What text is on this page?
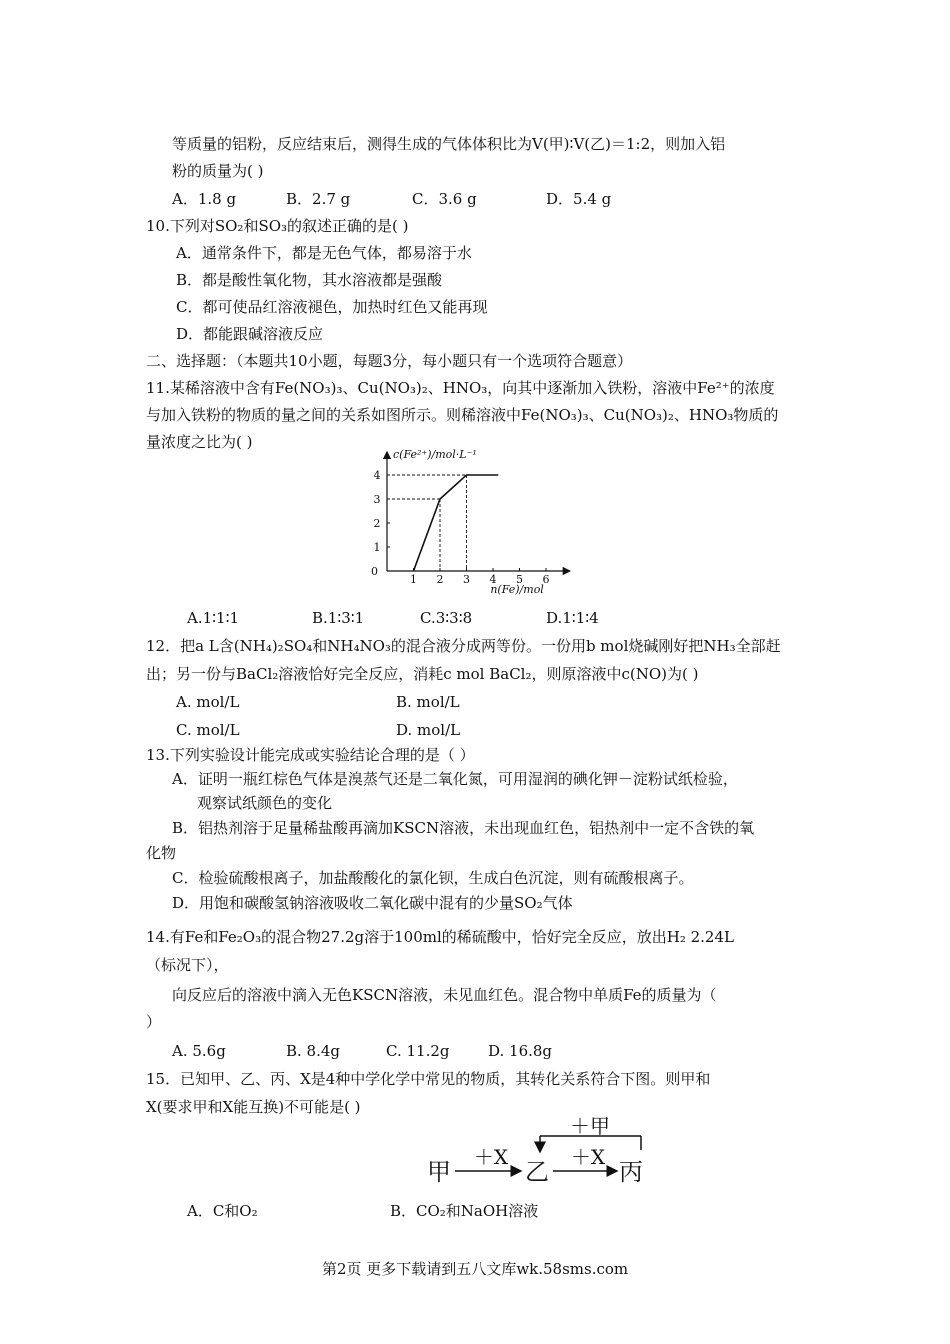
等质量的铝粉，反应结束后，测得生成的气体体积比为V(甲)∶V(乙)＝1:2，则加入铝
粉的质量为( )
A．1.8 g	B．2.7 g	C．3.6 g	D．5.4 g
10.下列对SO₂和SO₃的叙述正确的是( )
A．通常条件下，都是无色气体，都易溶于水
B．都是酸性氧化物，其水溶液都是强酸
C．都可使品红溶液褪色，加热时红色又能再现
D．都能跟碱溶液反应
二、选择题：（本题共10小题，每题3分，每小题只有一个选项符合题意）
11.某稀溶液中含有Fe(NO₃)₃、Cu(NO₃)₂、HNO₃，向其中逐渐加入铁粉，溶液中Fe²⁺的浓度
与加入铁粉的物质的量之间的关系如图所示。则稀溶液中Fe(NO₃)₃、Cu(NO₃)₂、HNO₃物质的
量浓度之比为( )
c(Fe²⁺)/mol·L⁻¹
n(Fe)/mol
0
1 2 3 4 5 6
1
2
3
4
A.1∶1∶1	B.1∶3∶1	C.3∶3∶8	D.1∶1∶4
12．把a L含(NH₄)₂SO₄和NH₄NO₃的混合液分成两等份。一份用b mol烧碱刚好把NH₃全部赶
出；另一份与BaCl₂溶液恰好完全反应，消耗c mol BaCl₂，则原溶液中c(NO)为( )
A. mol/L	B. mol/L
C. mol/L	D. mol/L
13.下列实验设计能完成或实验结论合理的是（ ）
A．证明一瓶红棕色气体是溴蒸气还是二氧化氮，可用湿润的碘化钾－淀粉试纸检验，
观察试纸颜色的变化
B．铝热剂溶于足量稀盐酸再滴加KSCN溶液，未出现血红色，铝热剂中一定不含铁的氧
化物
C．检验硫酸根离子，加盐酸酸化的氯化钡，生成白色沉淀，则有硫酸根离子。
D．用饱和碳酸氢钠溶液吸收二氧化碳中混有的少量SO₂气体
14.有Fe和Fe₂O₃的混合物27.2g溶于100ml的稀硫酸中，恰好完全反应，放出H₂ 2.24L
（标况下），
向反应后的溶液中滴入无色KSCN溶液，未见血红色。混合物中单质Fe的质量为（
）
A. 5.6g	B. 8.4g	C. 11.2g	D. 16.8g
15．已知甲、乙、丙、X是4种中学化学中常见的物质，其转化关系符合下图。则甲和
X(要求甲和X能互换)不可能是( )
＋甲
甲
＋X
乙
＋X
丙
A．C和O₂	B．CO₂和NaOH溶液
第2页 更多下载请到五八文库wk.58sms.com
